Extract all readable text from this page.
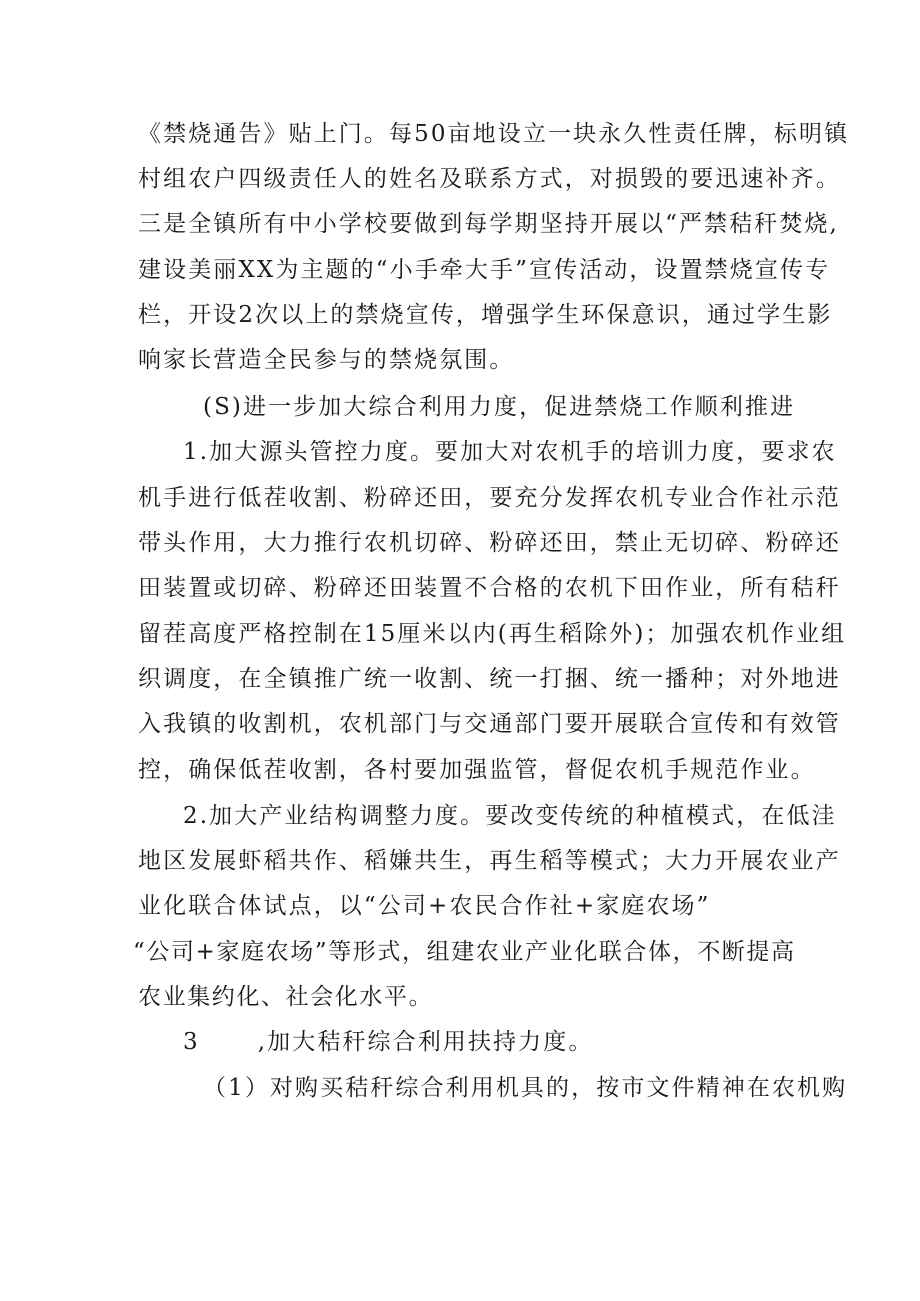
《禁烧通告》贴上门。每50亩地设立一块永久性责任牌，标明镇
村组农户四级责任人的姓名及联系方式，对损毁的要迅速补齐。
三是全镇所有中小学校要做到每学期坚持开展以“严禁秸秆焚烧,
建设美丽XX为主题的“小手牵大手”宣传活动，设置禁烧宣传专
栏，开设2次以上的禁烧宣传，增强学生环保意识，通过学生影
响家长营造全民参与的禁烧氛围。
(S)进一步加大综合利用力度，促进禁烧工作顺利推进
1.加大源头管控力度。要加大对农机手的培训力度，要求农
机手进行低茬收割、粉碎还田，要充分发挥农机专业合作社示范
带头作用，大力推行农机切碎、粉碎还田，禁止无切碎、粉碎还
田装置或切碎、粉碎还田装置不合格的农机下田作业，所有秸秆
留茬高度严格控制在15厘米以内(再生稻除外)；加强农机作业组
织调度，在全镇推广统一收割、统一打捆、统一播种；对外地进
入我镇的收割机，农机部门与交通部门要开展联合宣传和有效管
控，确保低茬收割，各村要加强监管，督促农机手规范作业。
2.加大产业结构调整力度。要改变传统的种植模式，在低洼
地区发展虾稻共作、稻嫌共生，再生稻等模式；大力开展农业产
业化联合体试点，以“公司+农民合作社+家庭农场”
“公司+家庭农场”等形式，组建农业产业化联合体，不断提高
农业集约化、社会化水平。
3	,加大秸秆综合利用扶持力度。
（1）对购买秸秆综合利用机具的，按市文件精神在农机购
